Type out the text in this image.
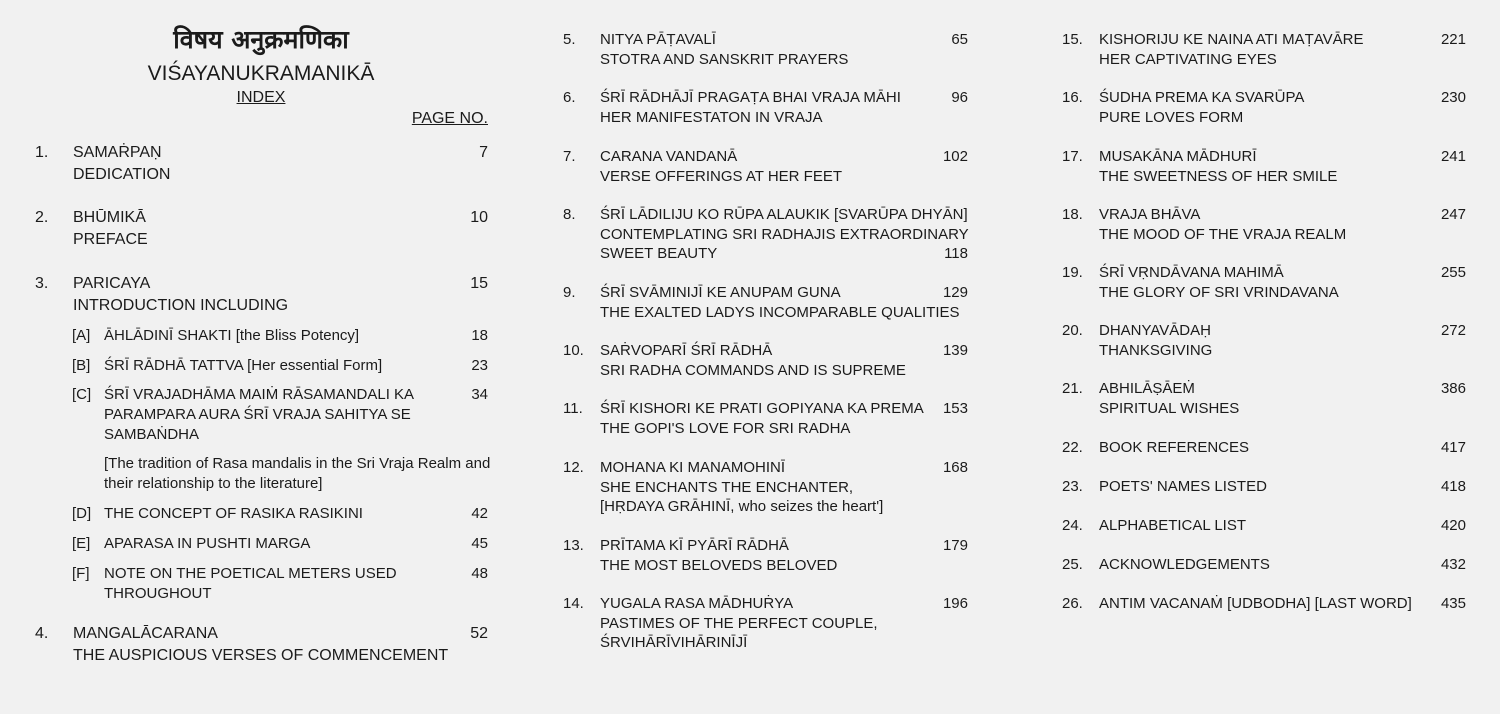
विषय अनुक्रमणिका
VIŚAYANUKRAMANIKĀ
INDEX
PAGE NO.
1. SAMAṘPAṆ
DEDICATION
7
2. BHŪMIKĀ
PREFACE
10
3. PARICAYA
INTRODUCTION INCLUDING
15
[A] ĀHLĀDINĪ SHAKTI [the Bliss Potency]	18
[B] ŚRĪ RĀDHĀ TATTVA [Her essential Form]	23
[C] ŚRĪ VRAJADHĀMA MAIṀ RĀSAMANDALI KA PARAMPARA AURA ŚRĪ VRAJA SAHITYA SE SAMBAṄDHA
34
[The tradition of Rasa mandalis in the Sri Vraja Realm and their relationship to the literature]
[D] THE CONCEPT OF RASIKA RASIKINI	42
[E] APARASA IN PUSHTI MARGA	45
[F] NOTE ON THE POETICAL METERS USED THROUGHOUT
48
4. MANGALĀCARANA
THE AUSPICIOUS VERSES OF COMMENCEMENT
52
5. NITYA PĀṬAVALĪ
STOTRA AND SANSKRIT PRAYERS
65
6. ŚRĪ RĀDHĀJĪ PRAGAṬA BHAI VRAJA MĀHI
HER MANIFESTATON IN VRAJA
96
7. CARANA VANDANĀ
VERSE OFFERINGS AT HER FEET
102
8. ŚRĪ LĀDILIJU KO RŪPA ALAUKIK [SVARŪPA DHYĀN]
CONTEMPLATING SRI RADHAJIS EXTRAORDINARY
SWEET BEAUTY	118
9. ŚRĪ SVĀMINIJĪ KE ANUPAM GUNA
THE EXALTED LADYS INCOMPARABLE QUALITIES
129
10. SAṘVOPARĪ ŚRĪ RĀDHĀ
SRI RADHA COMMANDS AND IS SUPREME
139
11. ŚRĪ KISHORI KE PRATI GOPIYANA KA PREMA
THE GOPI'S LOVE FOR SRI RADHA
153
12. MOHANA KI MANAMOHINĪ
SHE ENCHANTS THE ENCHANTER,
[HṚDAYA GRĀHINĪ, who seizes the heart']
168
13. PRĪTAMA KĪ PYĀRĪ RĀDHĀ
THE MOST BELOVEDS BELOVED
179
14. YUGALA RASA MĀDHUṘYA
PASTIMES OF THE PERFECT COUPLE,
ŚRVIHĀRĪVIHĀRINĪJĪ
196
15. KISHORIJU KE NAINA ATI MAṬAVĀRE
HER CAPTIVATING EYES
221
16. ŚUDHA PREMA KA SVARŪPA
PURE LOVES FORM
230
17. MUSAKĀNA MĀDHURĪ
THE SWEETNESS OF HER SMILE
241
18. VRAJA BHĀVA
THE MOOD OF THE VRAJA REALM
247
19. ŚRĪ VṚNDĀVANA MAHIMĀ
THE GLORY OF SRI VRINDAVANA
255
20. DHANYAVĀDAḤ
THANKSGIVING
272
21. ABHILĀṢĀEṀ
SPIRITUAL WISHES
386
22. BOOK REFERENCES	417
23. POETS' NAMES LISTED	418
24. ALPHABETICAL LIST	420
25. ACKNOWLEDGEMENTS	432
26. ANTIM VACANAṀ [UDBODHA] [LAST WORD] 435
